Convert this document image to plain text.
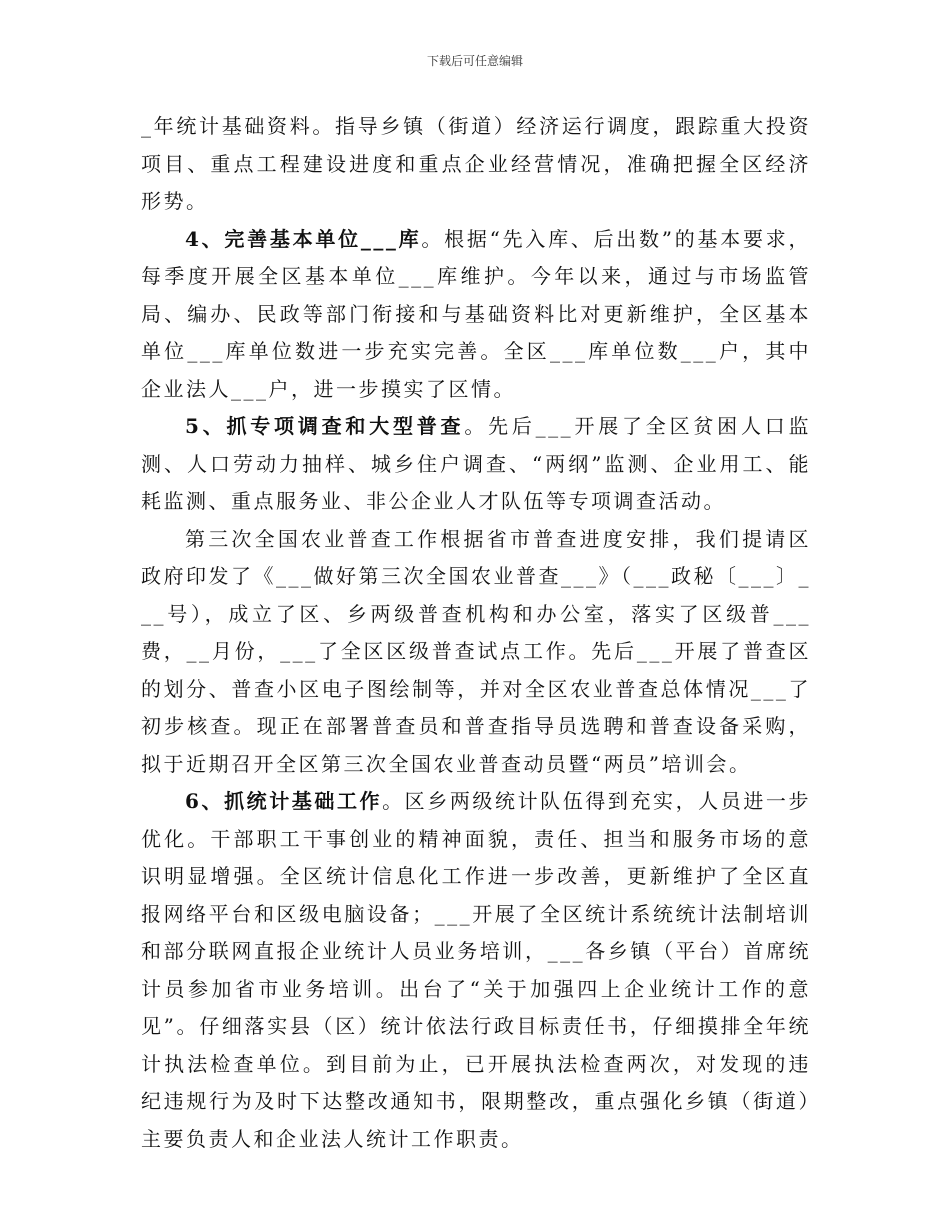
下载后可任意编辑

_年统计基础资料。指导乡镇（街道）经济运行调度，跟踪重大投资项目、重点工程建设进度和重点企业经营情况，准确把握全区经济形势。

4、完善基本单位___库。根据“先入库、后出数”的基本要求，每季度开展全区基本单位___库维护。今年以来，通过与市场监管局、编办、民政等部门衔接和与基础资料比对更新维护，全区基本单位___库单位数进一步充实完善。全区___库单位数___户，其中企业法人___户，进一步摸实了区情。

5、抓专项调查和大型普查。先后___开展了全区贫困人口监测、人口劳动力抽样、城乡住户调查、“两纲”监测、企业用工、能耗监测、重点服务业、非公企业人才队伍等专项调查活动。

第三次全国农业普查工作根据省市普查进度安排，我们提请区政府印发了《___做好第三次全国农业普查___》（___政秘〔___〕___号），成立了区、乡两级普查机构和办公室，落实了区级普___费，__月份，___了全区区级普查试点工作。先后___开展了普查区的划分、普查小区电子图绘制等，并对全区农业普查总体情况___了初步核查。现正在部署普查员和普查指导员选聘和普查设备采购，拟于近期召开全区第三次全国农业普查动员暨“两员”培训会。

6、抓统计基础工作。区乡两级统计队伍得到充实，人员进一步优化。干部职工干事创业的精神面貌，责任、担当和服务市场的意识明显增强。全区统计信息化工作进一步改善，更新维护了全区直报网络平台和区级电脑设备；___开展了全区统计系统统计法制培训和部分联网直报企业统计人员业务培训，___各乡镇（平台）首席统计员参加省市业务培训。出台了“关于加强四上企业统计工作的意见”。仔细落实县（区）统计依法行政目标责任书，仔细摸排全年统计执法检查单位。到目前为止，已开展执法检查两次，对发现的违纪违规行为及时下达整改通知书，限期整改，重点强化乡镇（街道）主要负责人和企业法人统计工作职责。
